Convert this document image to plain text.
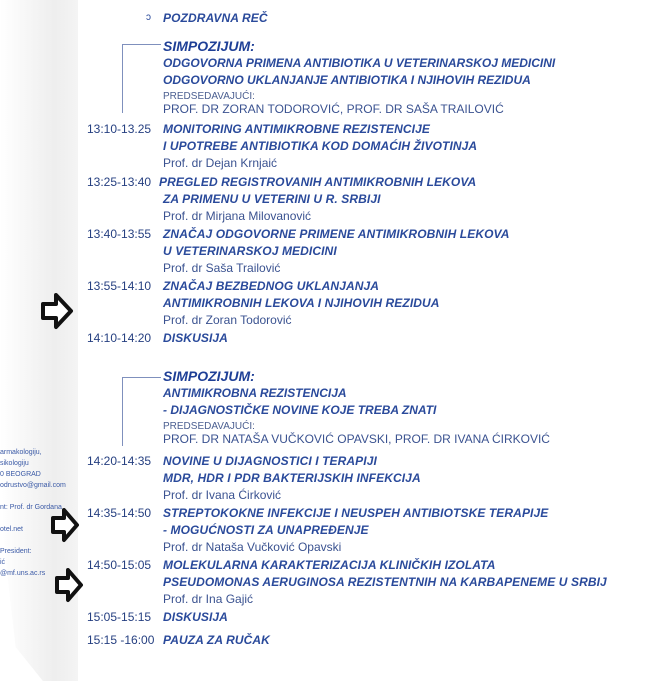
armakologiju,
sikologiju
0 BEOGRAD
odrustvo@gmail.com

nt: Prof. dr Gordana

otel.net

President:
ić
@mf.uns.ac.rs
ɔ POZDRAVNA REČ
SIMPOZIJUM:
ODGOVORNA PRIMENA ANTIBIOTIKA U VETERINARSKOJ MEDICINI
ODGOVORNO UKLANJANJE ANTIBIOTIKA I NJIHOVIH REZIDUA
PREDSEDAVAJUĆI:
PROF. DR ZORAN TODOROVIĆ, PROF. DR SAŠA TRAILOVIĆ
13:10-13.25 MONITORING ANTIMIKROBNE REZISTENCIJE
I UPOTREBE ANTIBIOTIKA KOD DOMAĆIH ŽIVOTINJA
Prof. dr Dejan Krnjaić
13:25-13:40 PREGLED REGISTROVANIH ANTIMIKROBNIH LEKOVA
ZA PRIMENU U VETERINI U R. SRBIJI
Prof. dr Mirjana Milovanović
13:40-13:55 ZNAČAJ ODGOVORNE PRIMENE ANTIMIKROBNIH LEKOVA
U VETERINARSKOJ MEDICINI
Prof. dr Saša Trailović
13:55-14:10 ZNAČAJ BEZBEDNOG UKLANJANJA
ANTIMIKROBNIH LEKOVA I NJIHOVIH REZIDUA
Prof. dr Zoran Todorović
14:10-14:20 DISKUSIJA
SIMPOZIJUM:
ANTIMIKROBNA REZISTENCIJA
- DIJAGNOSTIČKE NOVINE KOJE TREBA ZNATI
PREDSEDAVAJUĆI:
PROF. DR NATAŠA VUČKOVIĆ OPAVSKI, PROF. DR IVANA ĆIRKOVIĆ
14:20-14:35 NOVINE U DIJAGNOSTICI I TERAPIJI
MDR, HDR I PDR BAKTERIJSKIH INFEKCIJA
Prof. dr Ivana Ćirković
14:35-14:50 STREPTOKOKNE INFEKCIJE I NEUSPEH ANTIBIOTSKE TERAPIJE
- MOGUĆNOSTI ZA UNAPREĐENJE
Prof. dr Nataša Vučković Opavski
14:50-15:05 MOLEKULARNA KARAKTERIZACIJA KLINIČKIH IZOLATA
PSEUDOMONAS AERUGINOSA REZISTENTNIH NA KARBAPENEME U SRBIJ
Prof. dr Ina Gajić
15:05-15:15 DISKUSIJA
15:15 -16:00 PAUZA ZA RUČAK
